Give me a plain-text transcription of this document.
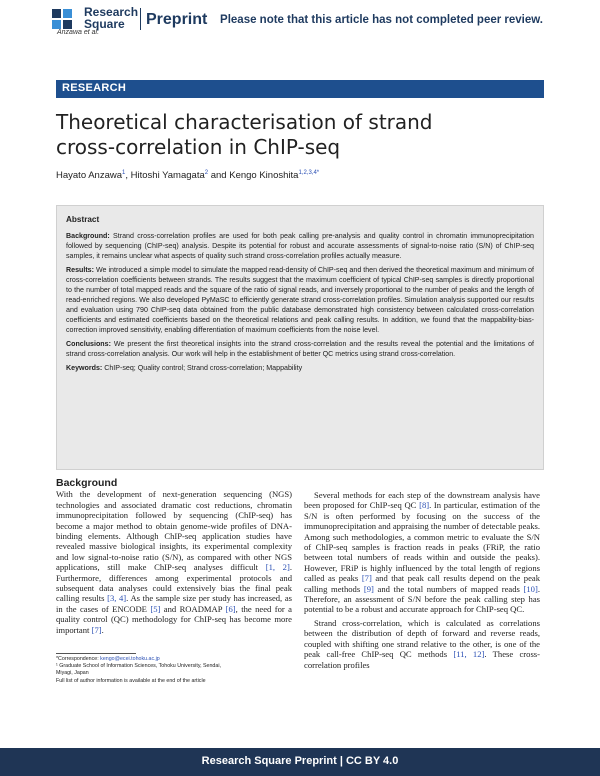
Research
Square	Preprint
Anzawa et al.
Please note that this article has not completed peer review.
RESEARCH
Theoretical characterisation of strand cross-correlation in ChIP-seq
Hayato Anzawa$^1$, Hitoshi Yamagata$^2$ and Kengo Kinoshita$^{1,2,3,4*}$
Abstract

Background: Strand cross-correlation profiles are used for both peak calling pre-analysis and quality control in chromatin immunoprecipitation followed by sequencing (ChIP-seq) analysis. Despite its potential for robust and accurate assessments of signal-to-noise ratio (S/N) of ChIP-seq samples, it remains unclear what aspects of quality such strand cross-correlation profiles actually measure.

Results: We introduced a simple model to simulate the mapped read-density of ChIP-seq and then derived the theoretical maximum and minimum of cross-correlation coefficients between strands. The results suggest that the maximum coefficient of typical ChIP-seq samples is directly proportional to the number of total mapped reads and the square of the ratio of signal reads, and inversely proportional to the number of peaks and the length of read-enriched regions. We also developed PyMaSC to efficiently generate strand cross-correlation profiles. Simulation analysis supported our results and evaluation using 790 ChIP-seq data obtained from the public database demonstrated high consistency between calculated cross-correlation coefficients and estimated coefficients based on the theoretical relations and peak calling results. In addition, we found that the mappability-bias-correction improved sensitivity, enabling differentiation of maximum coefficients from the noise level.

Conclusions: We present the first theoretical insights into the strand cross-correlation and the results reveal the potential and the limitations of strand cross-correlation analysis. Our work will help in the establishment of better QC metrics using strand cross-correlation.

Keywords: ChIP-seq; Quality control; Strand cross-correlation; Mappability

Background

With the development of next-generation sequencing (NGS) technologies and associated dramatic cost reductions, chromatin immunoprecipitation followed by sequencing (ChIP-seq) has become a major method to obtain genome-wide profiles of DNA-binding elements. Although ChIP-seq application studies have revealed massive biological insights, its experimental complexity and low signal-to-noise ratio (S/N), as compared with other NGS applications, still make ChIP-seq analyses difficult [1, 2]. Furthermore, differences among experimental protocols and subsequent data analyses could extensively bias the final peak calling results [3, 4]. As the sample size per study has increased, as in the cases of ENCODE [5] and ROADMAP [6], the need for a quality control (QC) methodology for ChIP-seq has become more important [7].

Several methods for each step of the downstream analysis have been proposed for ChIP-seq QC [8]. In particular, estimation of the S/N is often performed by focusing on the success of the immunoprecipitation and appraising the number of detectable peaks. Among such methodologies, a common metric to evaluate the S/N of ChIP-seq samples is fraction reads in peaks (FRiP, the ratio between total numbers of reads within and outside the peaks). However, FRiP is highly influenced by the total length of regions called as peaks [7] and that peak call results depend on the peak calling methods [9] and the total numbers of mapped reads [10]. Therefore, an assessment of S/N before the peak calling step has potential to be a robust and accurate approach for ChIP-seq QC.

Strand cross-correlation, which is calculated as correlations between the distribution of depth of forward and reverse reads, coupled with shifting one strand relative to the other, is one of the peak call-free ChIP-seq QC methods [11, 12]. These cross-correlation profiles

*Correspondence: kengo@ecei.tohoku.ac.jp
¹ Graduate School of Information Sciences, Tohoku University, Sendai,
Miyagi, Japan
Full list of author information is available at the end of the article
Research Square Preprint | CC BY 4.0
